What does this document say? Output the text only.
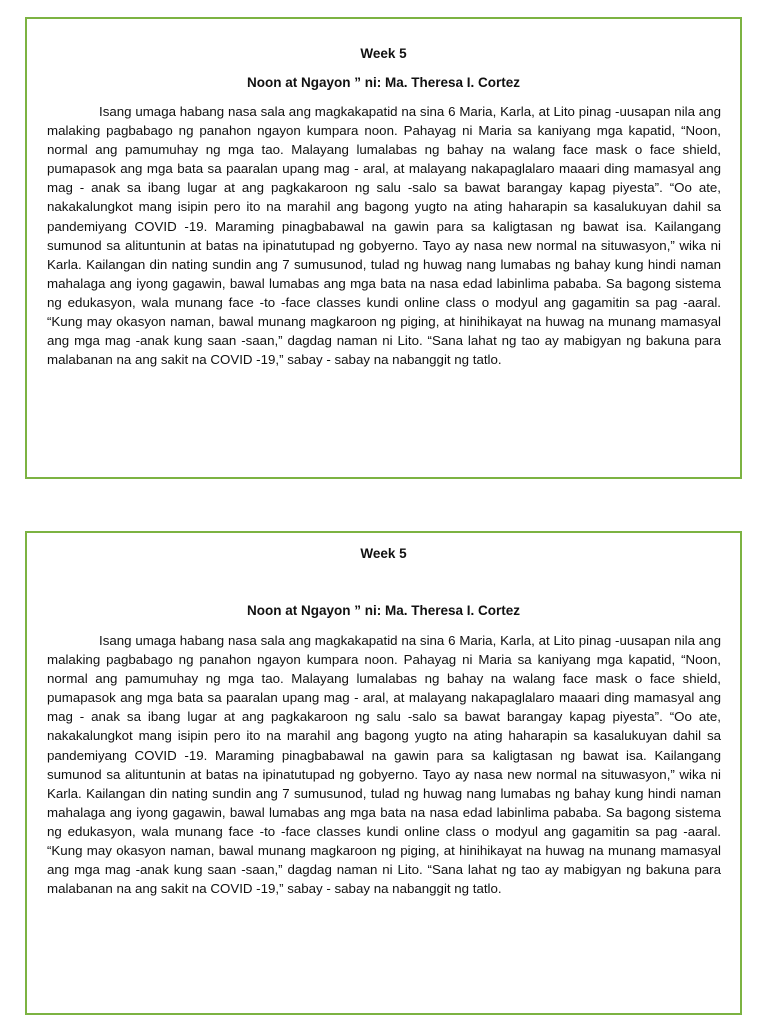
Week 5

Noon at Ngayon ” ni: Ma. Theresa I. Cortez

Isang umaga habang nasa sala ang magkakapatid na sina 6 Maria, Karla, at Lito pinag -uusapan nila ang malaking pagbabago ng panahon ngayon kumpara noon. Pahayag ni Maria sa kaniyang mga kapatid, “Noon, normal ang pamumuhay ng mga tao. Malayang lumalabas ng bahay na walang face mask o face shield, pumapasok ang mga bata sa paaralan upang mag - aral, at malayang nakapaglalaro maaari ding mamasyal ang mag - anak sa ibang lugar at ang pagkakaroon ng salu -salo sa bawat barangay kapag piyesta”. “Oo ate, nakakalungkot mang isipin pero ito na marahil ang bagong yugto na ating haharapin sa kasalukuyan dahil sa pandemiyang COVID -19. Maraming pinagbabawal na gawin para sa kaligtasan ng bawat isa. Kailangang sumunod sa alituntunin at batas na ipinatutupad ng gobyerno. Tayo ay nasa new normal na situwasyon,” wika ni Karla. Kailangan din nating sundin ang 7 sumusunod, tulad ng huwag nang lumabas ng bahay kung hindi naman mahalaga ang iyong gagawin, bawal lumabas ang mga bata na nasa edad labinlima pababa. Sa bagong sistema ng edukasyon, wala munang face -to -face classes kundi online class o modyul ang gagamitin sa pag -aaral. “Kung may okasyon naman, bawal munang magkaroon ng piging, at hinihikayat na huwag na munang mamasyal ang mga mag -anak kung saan -saan,” dagdag naman ni Lito. “Sana lahat ng tao ay mabigyan ng bakuna para malabanan na ang sakit na COVID -19,” sabay - sabay na nabanggit ng tatlo.

Week 5

Noon at Ngayon ” ni: Ma. Theresa I. Cortez

Isang umaga habang nasa sala ang magkakapatid na sina 6 Maria, Karla, at Lito pinag -uusapan nila ang malaking pagbabago ng panahon ngayon kumpara noon. Pahayag ni Maria sa kaniyang mga kapatid, “Noon, normal ang pamumuhay ng mga tao. Malayang lumalabas ng bahay na walang face mask o face shield, pumapasok ang mga bata sa paaralan upang mag - aral, at malayang nakapaglalaro maaari ding mamasyal ang mag - anak sa ibang lugar at ang pagkakaroon ng salu -salo sa bawat barangay kapag piyesta”. “Oo ate, nakakalungkot mang isipin pero ito na marahil ang bagong yugto na ating haharapin sa kasalukuyan dahil sa pandemiyang COVID -19. Maraming pinagbabawal na gawin para sa kaligtasan ng bawat isa. Kailangang sumunod sa alituntunin at batas na ipinatutupad ng gobyerno. Tayo ay nasa new normal na situwasyon,” wika ni Karla. Kailangan din nating sundin ang 7 sumusunod, tulad ng huwag nang lumabas ng bahay kung hindi naman mahalaga ang iyong gagawin, bawal lumabas ang mga bata na nasa edad labinlima pababa. Sa bagong sistema ng edukasyon, wala munang face -to -face classes kundi online class o modyul ang gagamitin sa pag -aaral. “Kung may okasyon naman, bawal munang magkaroon ng piging, at hinihikayat na huwag na munang mamasyal ang mga mag -anak kung saan -saan,” dagdag naman ni Lito. “Sana lahat ng tao ay mabigyan ng bakuna para malabanan na ang sakit na COVID -19,” sabay - sabay na nabanggit ng tatlo.
